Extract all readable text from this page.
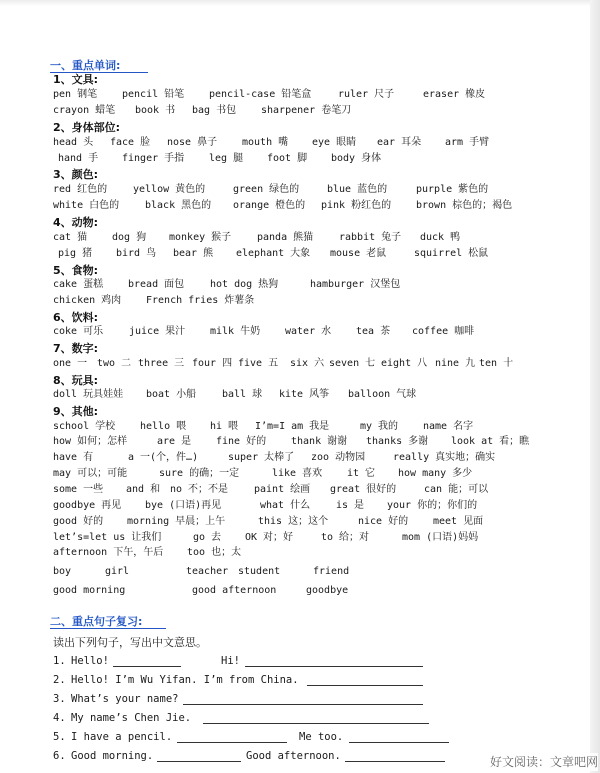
一、重点单词:
1、文具:
pen 钢笔 pencil 铅笔 pencil-case 铅笔盒	ruler 尺子	eraser 橡皮
crayon 蜡笔 book 书 bag 书包 sharpener 卷笔刀
2、身体部位:
head 头 face 脸 nose 鼻子 mouth 嘴 eye 眼睛 ear 耳朵 arm 手臂
hand 手 finger 手指 leg 腿 foot 脚 body 身体
3、颜色:
red 红色的	yellow 黄色的	green 绿色的	blue 蓝色的	purple 紫色的
white 白色的	black 黑色的 orange 橙色的 pink 粉红色的 brown 棕色的；褐色
4、动物:
cat 猫 dog 狗 monkey 猴子	panda 熊猫	rabbit 兔子 duck 鸭
pig 猪 bird 鸟 bear 熊 elephant 大象 mouse 老鼠	squirrel 松鼠
5、食物:
cake 蛋糕 bread 面包	hot dog 热狗	hamburger 汉堡包
chicken 鸡肉 French fries 炸薯条
6、饮料:
coke 可乐	juice 果汁 milk 牛奶 water 水 tea 茶 coffee 咖啡
7、数字:
one 一 two 二 three 三 four 四 five 五 six 六 seven 七 eight 八 nine 九 ten 十
8、玩具:
doll 玩具娃娃 boat 小船	ball 球 kite 风筝 balloon 气球
9、其他:
school 学校 hello 喂 hi 喂 I’m=I am 我是	my 我的 name 名字
how 如何；怎样	are 是 fine 好的 thank 谢谢 thanks 多谢 look at 看；瞧
have 有	a 一(个，件…)	super 太棒了 zoo 动物园	really 真实地；确实
may 可以；可能	sure 的确；一定	like 喜欢 it 它 how many 多少
some 一些 and 和 no 不；不是	paint 绘画 great 很好的	can 能；可以
goodbye 再见 bye (口语)再见	what 什么	is 是 your 你的；你们的
good 好的 morning 早晨；上午	this 这；这个	nice 好的 meet 见面
let’s=let us 让我们	go 去 OK 对；好	to 给；对	mom (口语)妈妈
afternoon 下午，午后 too 也；太
boy	girl	teacher student	friend
good morning	good afternoon	goodbye
二、重点句子复习:
读出下列句子，写出中文意思。
1. Hello!	Hi!
2. Hello! I’m Wu Yifan. I’m from China.
3. What’s your name?
4. My name’s Chen Jie.
5. I have a pencil.	Me too.
6. Good morning.	Good afternoon.	好文阅读：文章吧网
